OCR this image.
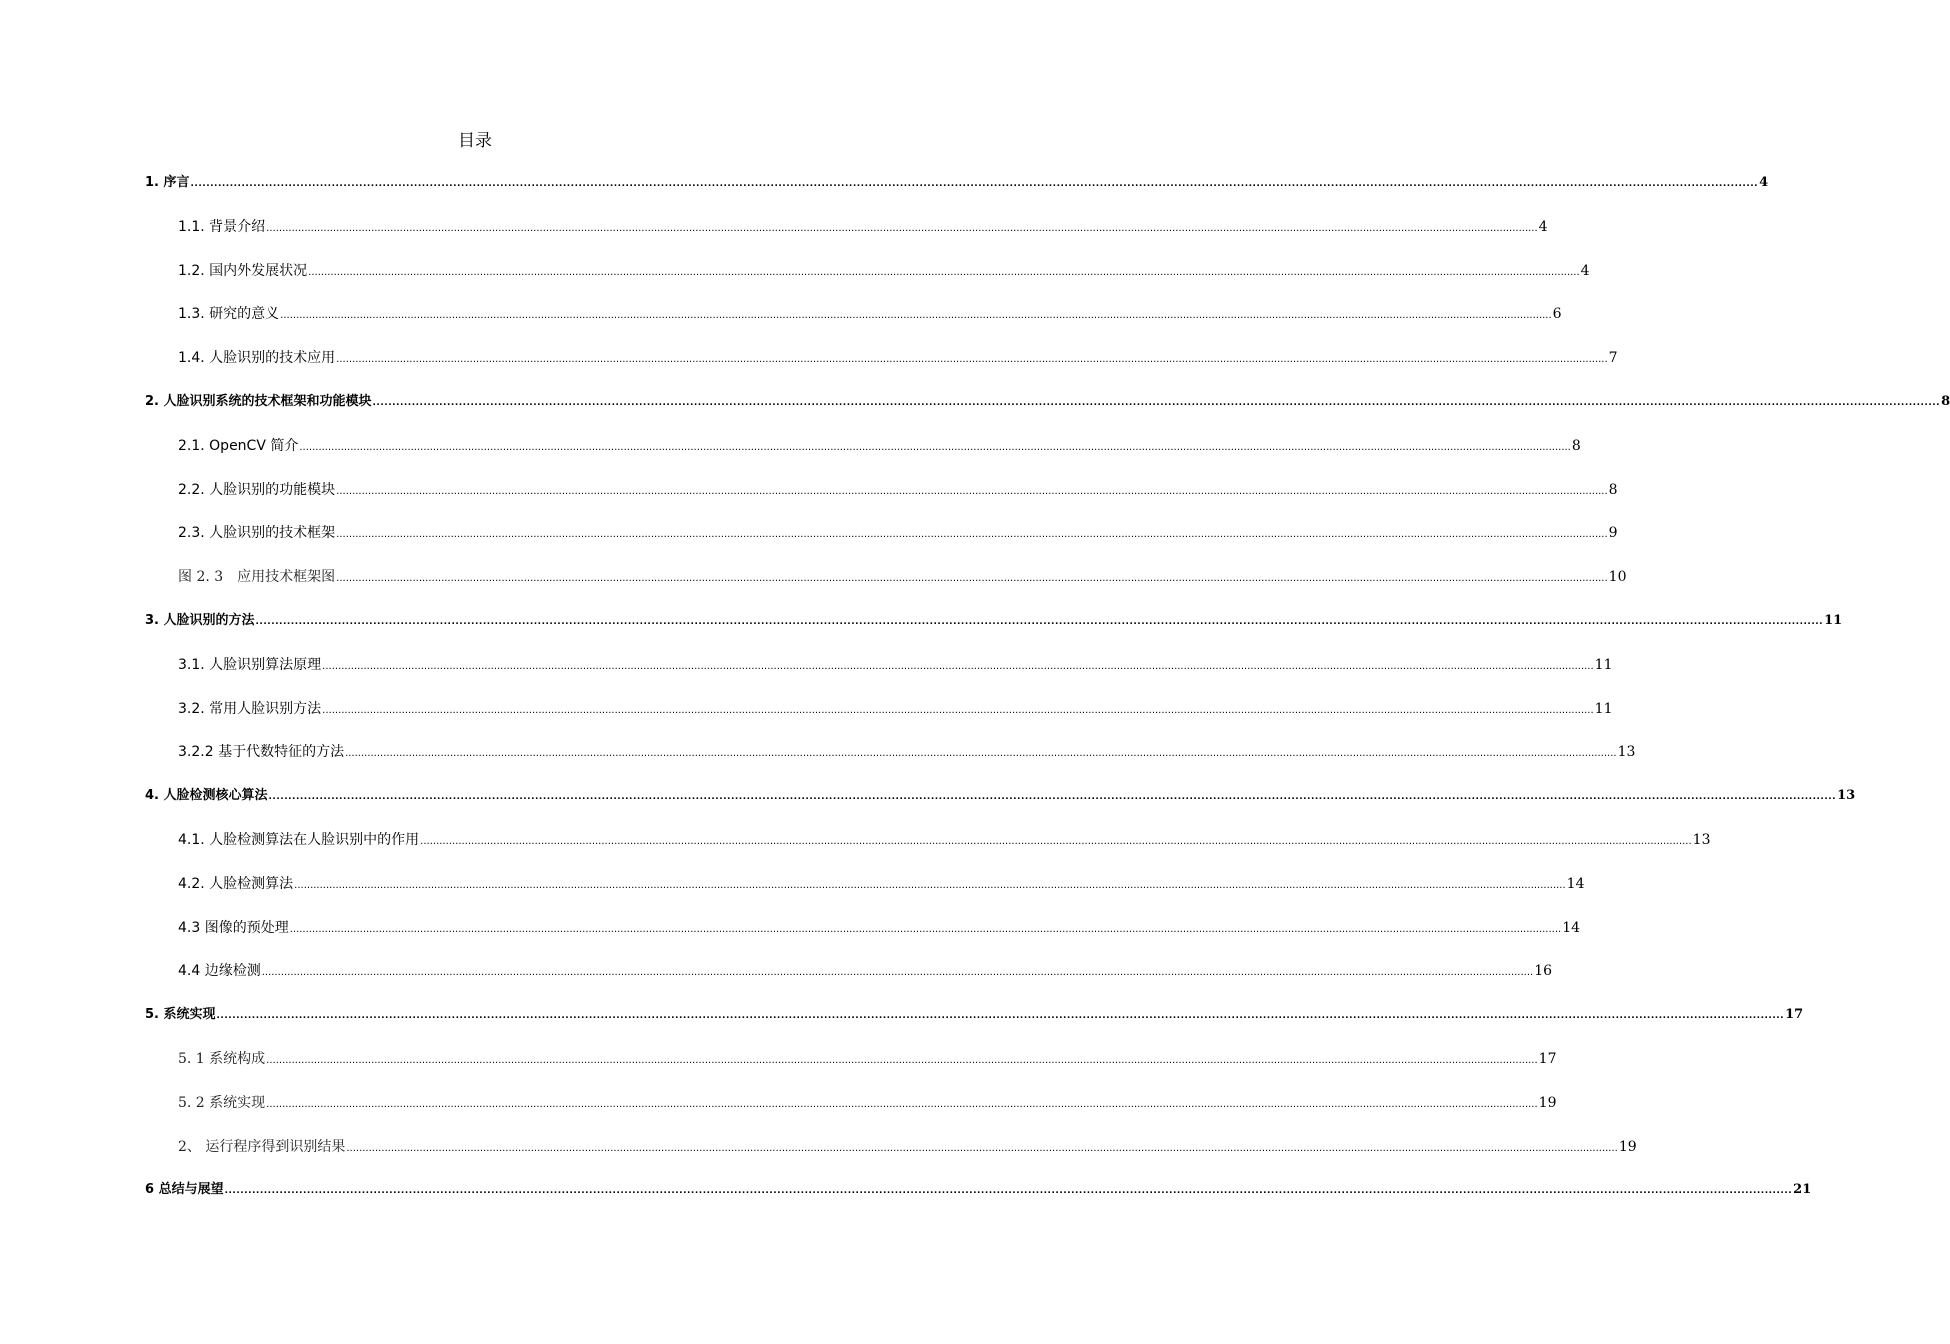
目录
1. 序言 ................................................................................................................................................................................................................................................................................................................................................................................................................ 4
1.1. 背景介绍 ................................................................................................................................................................................................................................................................................................................................................................................................................ 4
1.2. 国内外发展状况 ................................................................................................................................................................................................................................................................................................................................................................................................................ 4
1.3. 研究的意义 ................................................................................................................................................................................................................................................................................................................................................................................................................ 6
1.4. 人脸识别的技术应用 ................................................................................................................................................................................................................................................................................................................................................................................................................ 7
2. 人脸识别系统的技术框架和功能模块 ................................................................................................................................................................................................................................................................................................................................................................................................................ 8
2.1. OpenCV 简介 ................................................................................................................................................................................................................................................................................................................................................................................................................ 8
2.2. 人脸识别的功能模块 ................................................................................................................................................................................................................................................................................................................................................................................................................ 8
2.3. 人脸识别的技术框架 ................................................................................................................................................................................................................................................................................................................................................................................................................ 9
图 2. 3　应用技术框架图 ................................................................................................................................................................................................................................................................................................................................................................................................................ 10
3. 人脸识别的方法 ................................................................................................................................................................................................................................................................................................................................................................................................................ 11
3.1. 人脸识别算法原理 ................................................................................................................................................................................................................................................................................................................................................................................................................ 11
3.2. 常用人脸识别方法 ................................................................................................................................................................................................................................................................................................................................................................................................................ 11
3.2.2 基于代数特征的方法 ................................................................................................................................................................................................................................................................................................................................................................................................................ 13
4. 人脸检测核心算法 ................................................................................................................................................................................................................................................................................................................................................................................................................ 13
4.1. 人脸检测算法在人脸识别中的作用 ................................................................................................................................................................................................................................................................................................................................................................................................................ 13
4.2. 人脸检测算法 ................................................................................................................................................................................................................................................................................................................................................................................................................ 14
4.3 图像的预处理 ................................................................................................................................................................................................................................................................................................................................................................................................................ 14
4.4 边缘检测 ................................................................................................................................................................................................................................................................................................................................................................................................................ 16
5. 系统实现 ................................................................................................................................................................................................................................................................................................................................................................................................................ 17
5. 1 系统构成 ................................................................................................................................................................................................................................................................................................................................................................................................................ 17
5. 2 系统实现 ................................................................................................................................................................................................................................................................................................................................................................................................................ 19
2、 运行程序得到识别结果 ................................................................................................................................................................................................................................................................................................................................................................................................................ 19
6 总结与展望 ................................................................................................................................................................................................................................................................................................................................................................................................................ 21
